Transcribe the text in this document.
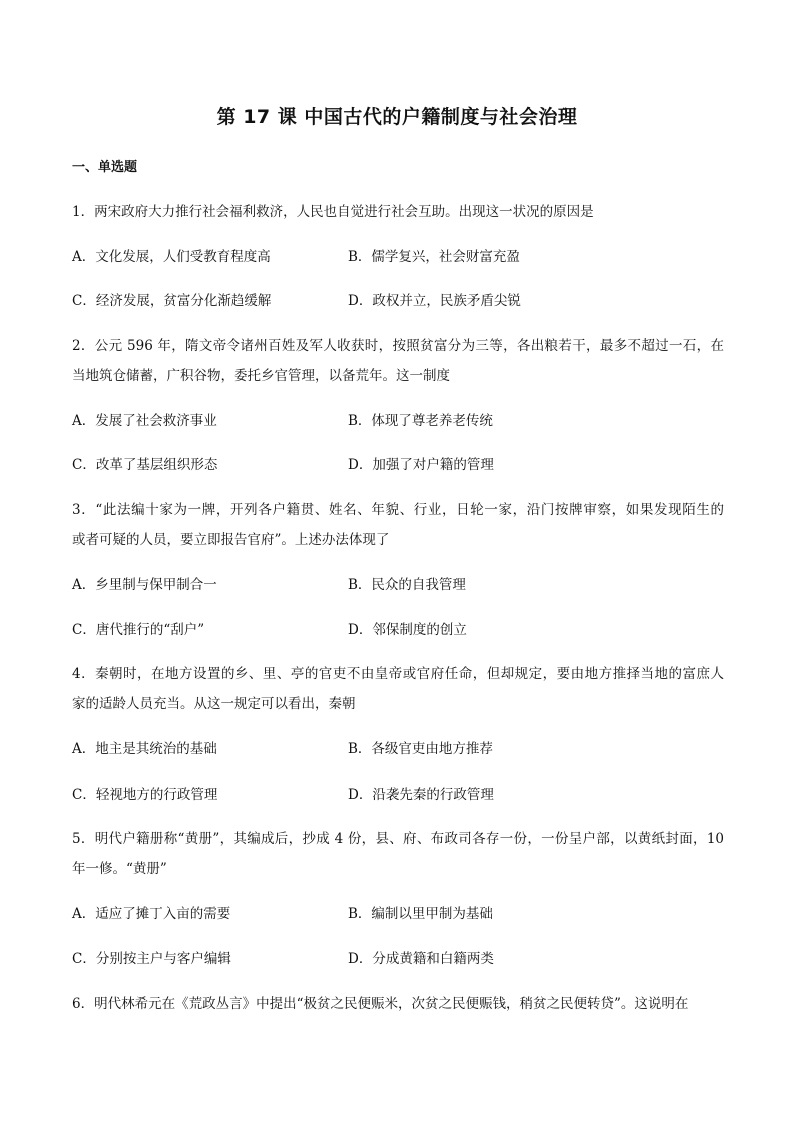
第 17 课 中国古代的户籍制度与社会治理
一、单选题
1．两宋政府大力推行社会福利救济，人民也自觉进行社会互助。出现这一状况的原因是
A．文化发展，人们受教育程度高	B．儒学复兴，社会财富充盈
C．经济发展，贫富分化渐趋缓解	D．政权并立，民族矛盾尖锐
2．公元 596 年，隋文帝令诸州百姓及军人收获时，按照贫富分为三等，各出粮若干，最多不超过一石，在
当地筑仓储蓄，广积谷物，委托乡官管理，以备荒年。这一制度
A．发展了社会救济事业	B．体现了尊老养老传统
C．改革了基层组织形态	D．加强了对户籍的管理
3．“此法编十家为一牌，开列各户籍贯、姓名、年貌、行业，日轮一家，沿门按牌审察，如果发现陌生的
或者可疑的人员，要立即报告官府”。上述办法体现了
A．乡里制与保甲制合一	B．民众的自我管理
C．唐代推行的“刮户”	D．邻保制度的创立
4．秦朝时，在地方设置的乡、里、亭的官吏不由皇帝或官府任命，但却规定，要由地方推择当地的富庶人
家的适龄人员充当。从这一规定可以看出，秦朝
A．地主是其统治的基础	B．各级官吏由地方推荐
C．轻视地方的行政管理	D．沿袭先秦的行政管理
5．明代户籍册称“黄册”，其编成后，抄成 4 份，县、府、布政司各存一份，一份呈户部，以黄纸封面，10
年一修。“黄册”
A．适应了摊丁入亩的需要	B．编制以里甲制为基础
C．分别按主户与客户编辑	D．分成黄籍和白籍两类
6．明代林希元在《荒政丛言》中提出“极贫之民便赈米，次贫之民便赈钱，稍贫之民便转贷”。这说明在
